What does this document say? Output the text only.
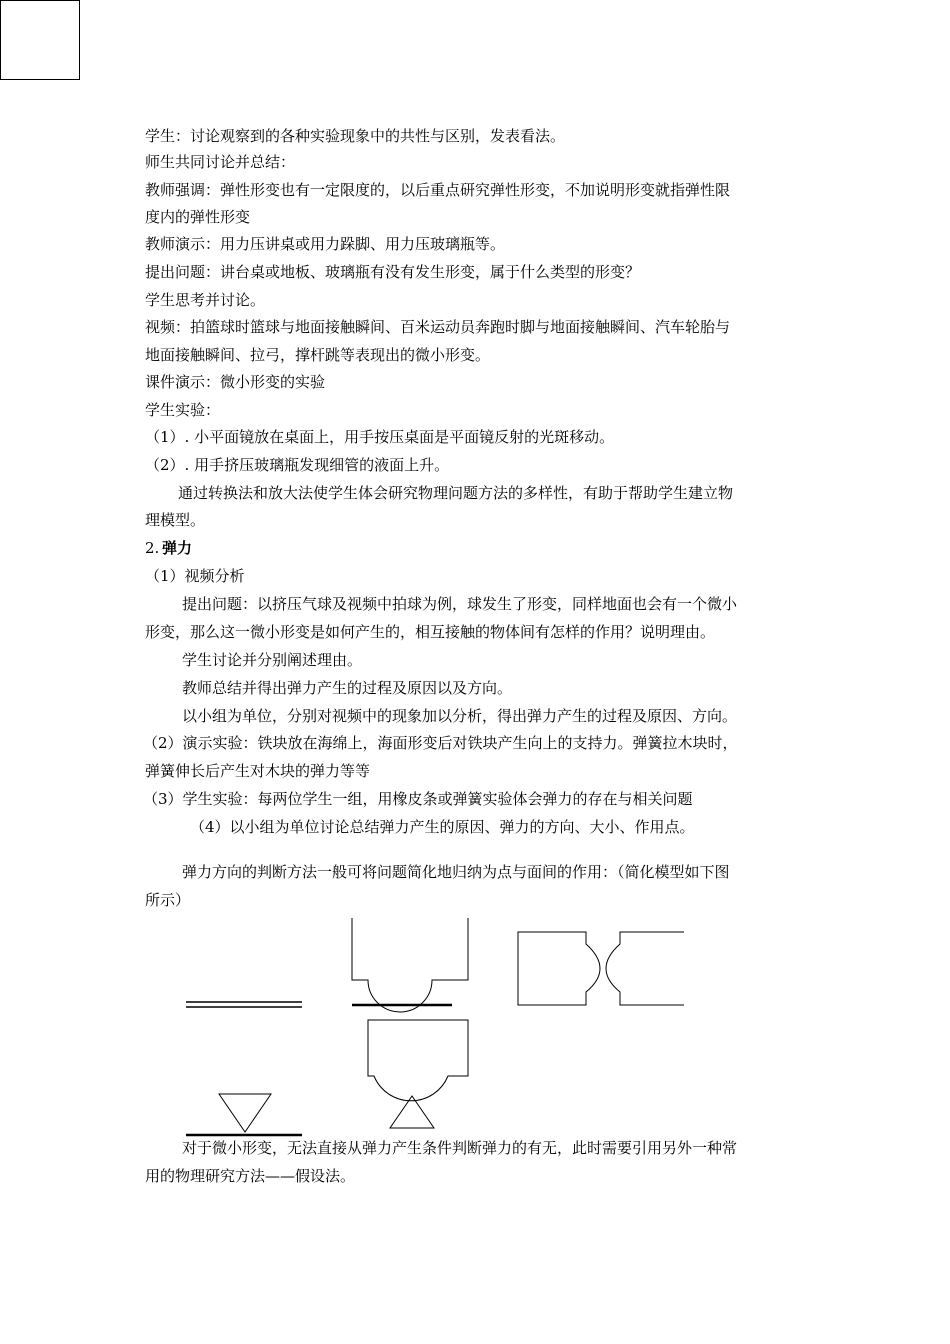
学生：讨论观察到的各种实验现象中的共性与区别，发表看法。
师生共同讨论并总结：
教师强调：弹性形变也有一定限度的，以后重点研究弹性形变，不加说明形变就指弹性限
度内的弹性形变
教师演示：用力压讲桌或用力跺脚、用力压玻璃瓶等。
提出问题：讲台桌或地板、玻璃瓶有没有发生形变，属于什么类型的形变？
学生思考并讨论。
视频：拍篮球时篮球与地面接触瞬间、百米运动员奔跑时脚与地面接触瞬间、汽车轮胎与
地面接触瞬间、拉弓，撑杆跳等表现出的微小形变。
课件演示：微小形变的实验
学生实验：
（1）. 小平面镜放在桌面上，用手按压桌面是平面镜反射的光斑移动。
（2）. 用手挤压玻璃瓶发现细管的液面上升。
通过转换法和放大法使学生体会研究物理问题方法的多样性，有助于帮助学生建立物
理模型。
2. 弹力
（1）视频分析
提出问题：以挤压气球及视频中拍球为例，球发生了形变，同样地面也会有一个微小
形变，那么这一微小形变是如何产生的，相互接触的物体间有怎样的作用？说明理由。
学生讨论并分别阐述理由。
教师总结并得出弹力产生的过程及原因以及方向。
以小组为单位，分别对视频中的现象加以分析，得出弹力产生的过程及原因、方向。
（2）演示实验：铁块放在海绵上，海面形变后对铁块产生向上的支持力。弹簧拉木块时，
弹簧伸长后产生对木块的弹力等等
（3）学生实验：每两位学生一组，用橡皮条或弹簧实验体会弹力的存在与相关问题
（4）以小组为单位讨论总结弹力产生的原因、弹力的方向、大小、作用点。
弹力方向的判断方法一般可将问题简化地归纳为点与面间的作用：（简化模型如下图
所示）
对于微小形变，无法直接从弹力产生条件判断弹力的有无，此时需要引用另外一种常
用的物理研究方法——假设法。
